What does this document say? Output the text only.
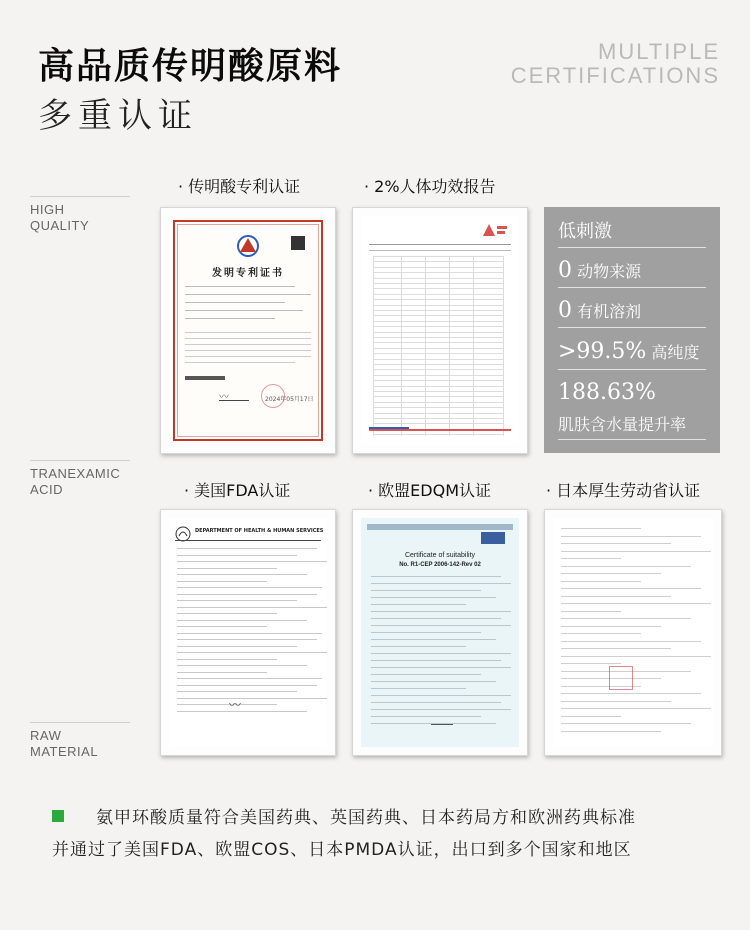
高品质传明酸原料
多重认证
MULTIPLE
CERTIFICATIONS
HIGH
QUALITY
TRANEXAMIC
ACID
RAW
MATERIAL
· 传明酸专利认证	· 2%人体功效报告
发明专利证书
〰	2024年05月17日
低刺激
0 动物来源
0 有机溶剂
>99.5% 高纯度
188.63%
肌肤含水量提升率
· 美国FDA认证	· 欧盟EDQM认证	· 日本厚生劳动省认证
DEPARTMENT OF HEALTH & HUMAN SERVICES
〰
Certificate of suitability
No. R1-CEP 2006-142-Rev 02
氨甲环酸质量符合美国药典、英国药典、日本药局方和欧洲药典标准
并通过了美国FDA、欧盟COS、日本PMDA认证，出口到多个国家和地区
